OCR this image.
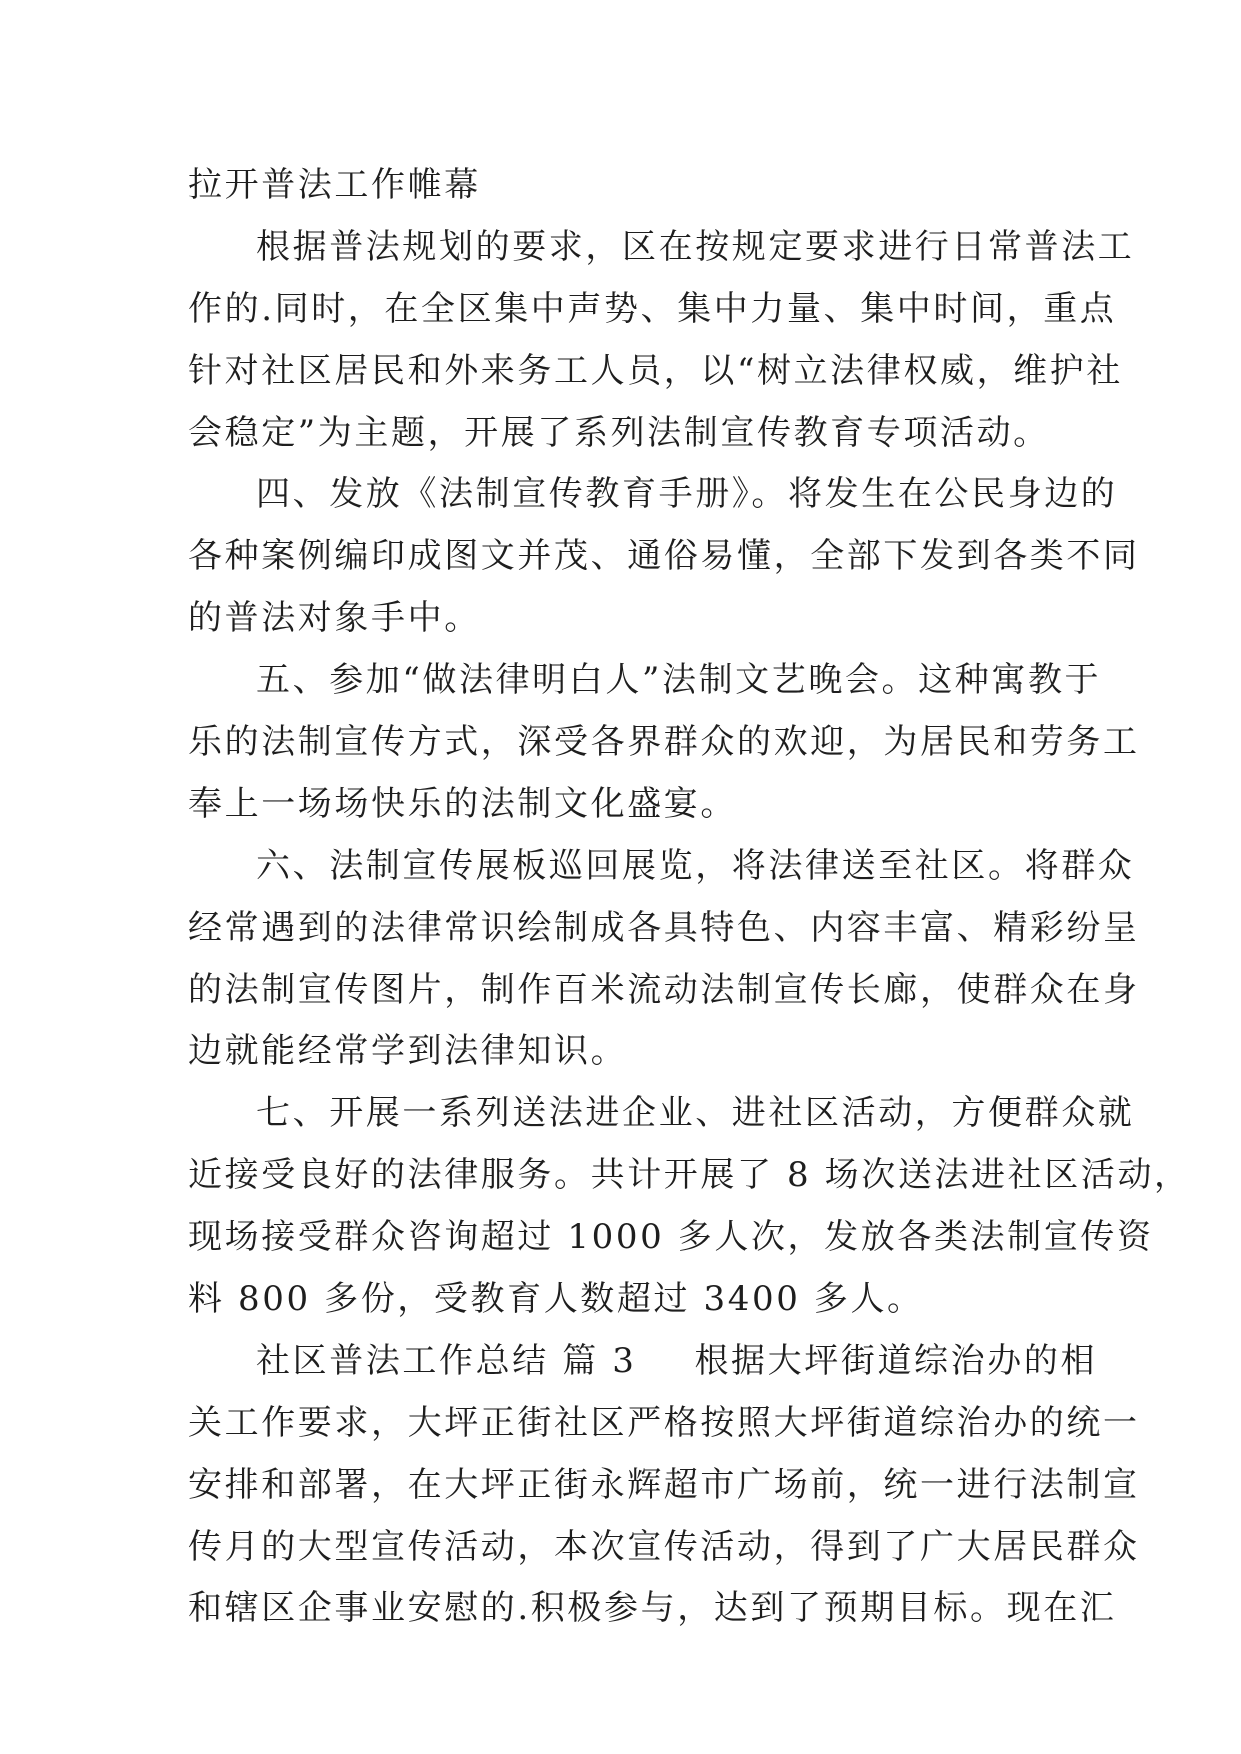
拉开普法工作帷幕
根据普法规划的要求，区在按规定要求进行日常普法工
作的.同时，在全区集中声势、集中力量、集中时间，重点
针对社区居民和外来务工人员，以“树立法律权威，维护社
会稳定”为主题，开展了系列法制宣传教育专项活动。
四、发放《法制宣传教育手册》。将发生在公民身边的
各种案例编印成图文并茂、通俗易懂，全部下发到各类不同
的普法对象手中。
五、参加“做法律明白人”法制文艺晚会。这种寓教于
乐的法制宣传方式，深受各界群众的欢迎，为居民和劳务工
奉上一场场快乐的法制文化盛宴。
六、法制宣传展板巡回展览，将法律送至社区。将群众
经常遇到的法律常识绘制成各具特色、内容丰富、精彩纷呈
的法制宣传图片，制作百米流动法制宣传长廊，使群众在身
边就能经常学到法律知识。
七、开展一系列送法进企业、进社区活动，方便群众就
近接受良好的法律服务。共计开展了 8 场次送法进社区活动，
现场接受群众咨询超过 1000 多人次，发放各类法制宣传资
料 800 多份，受教育人数超过 3400 多人。
社区普法工作总结 篇 3 根据大坪街道综治办的相
关工作要求，大坪正街社区严格按照大坪街道综治办的统一
安排和部署，在大坪正街永辉超市广场前，统一进行法制宣
传月的大型宣传活动，本次宣传活动，得到了广大居民群众
和辖区企事业安慰的.积极参与，达到了预期目标。现在汇
